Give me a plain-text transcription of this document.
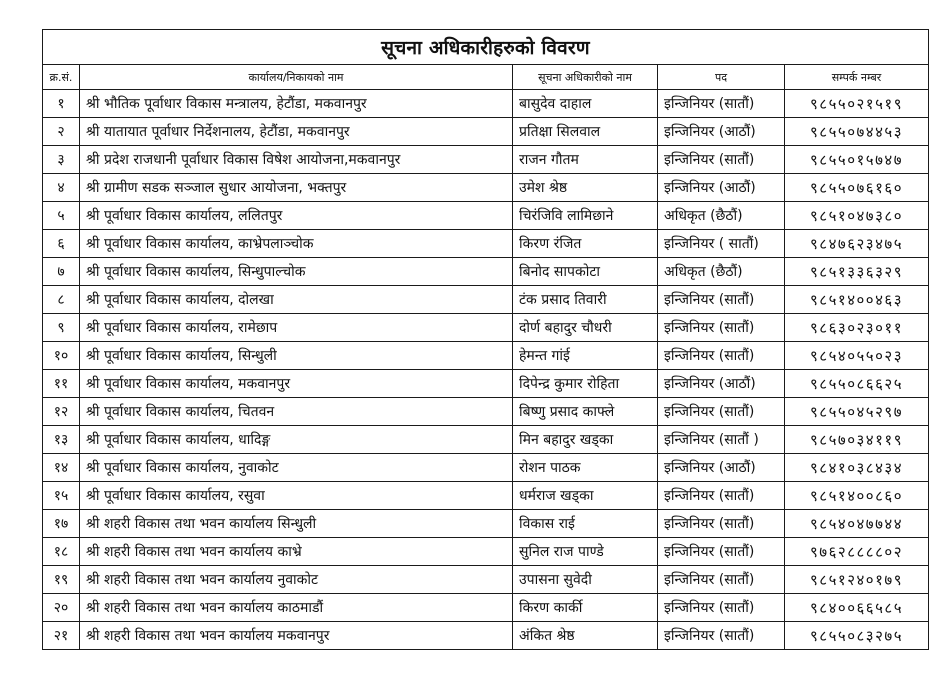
सूचना अधिकारीहरुको विवरण				
क्र.सं.	कार्यालय/निकायको नाम	सूचना अधिकारीको नाम	पद	सम्पर्क नम्बर
१	श्री भौतिक पूर्वाधार विकास मन्त्रालय, हेटौंडा, मकवानपुर	बासुदेव दाहाल	इन्जिनियर (सातौं)	९८५५०२१५१९
२	श्री यातायात पूर्वाधार निर्देशनालय, हेटौंडा, मकवानपुर	प्रतिक्षा सिलवाल	इन्जिनियर (आठौं)	९८५५०७४४५३
३	श्री प्रदेश राजधानी पूर्वाधार विकास विषेश आयोजना,मकवानपुर	राजन गौतम	इन्जिनियर (सातौं)	९८५५०१५७४७
४	श्री ग्रामीण सडक सञ्जाल सुधार आयोजना, भक्तपुर	उमेश श्रेष्ठ	इन्जिनियर (आठौं)	९८५५०७६१६०
५	श्री पूर्वाधार विकास कार्यालय, ललितपुर	चिरंजिवि लामिछाने	अधिकृत (छैठौं)	९८५१०४७३८०
६	श्री पूर्वाधार विकास कार्यालय, काभ्रेपलाञ्चोक	किरण रंजित	इन्जिनियर ( सातौं)	९८४७६२३४७५
७	श्री पूर्वाधार विकास कार्यालय, सिन्धुपाल्चोक	बिनोद सापकोटा	अधिकृत (छैठौं)	९८५१३३६३२९
८	श्री पूर्वाधार विकास कार्यालय, दोलखा	टंक प्रसाद तिवारी	इन्जिनियर (सातौं)	९८५१४००४६३
९	श्री पूर्वाधार विकास कार्यालय, रामेछाप	दोर्ण बहादुर चौधरी	इन्जिनियर (सातौं)	९८६३०२३०११
१०	श्री पूर्वाधार विकास कार्यालय, सिन्धुली	हेमन्त गांई	इन्जिनियर (सातौं)	९८५४०५५०२३
११	श्री पूर्वाधार विकास कार्यालय, मकवानपुर	दिपेन्द्र कुमार रोहिता	इन्जिनियर (आठौं)	९८५५०८६६२५
१२	श्री पूर्वाधार विकास कार्यालय, चितवन	बिष्णु प्रसाद काफ्ले	इन्जिनियर (सातौं)	९८५५०४५२९७
१३	श्री पूर्वाधार विकास कार्यालय, धादिङ्ग	मिन बहादुर खड्का	इन्जिनियर (सातौं )	९८५७०३४११९
१४	श्री पूर्वाधार विकास कार्यालय, नुवाकोट	रोशन पाठक	इन्जिनियर (आठौं)	९८४१०३८४३४
१५	श्री पूर्वाधार विकास कार्यालय, रसुवा	धर्मराज खड्का	इन्जिनियर (सातौं)	९८५१४००८६०
१७	श्री शहरी विकास तथा भवन कार्यालय सिन्धुली	विकास राई	इन्जिनियर (सातौं)	९८५४०४७७४४
१८	श्री शहरी विकास तथा भवन कार्यालय काभ्रे	सुनिल राज पाण्डे	इन्जिनियर (सातौं)	९७६२८८८८०२
१९	श्री शहरी विकास तथा भवन कार्यालय नुवाकोट	उपासना सुवेदी	इन्जिनियर (सातौं)	९८५१२४०१७९
२०	श्री शहरी विकास तथा भवन कार्यालय काठमाडौं	किरण कार्की	इन्जिनियर (सातौं)	९८४००६६५८५
२१	श्री शहरी विकास तथा भवन कार्यालय मकवानपुर	अंकित श्रेष्ठ	इन्जिनियर (सातौं)	९८५५०८३२७५
